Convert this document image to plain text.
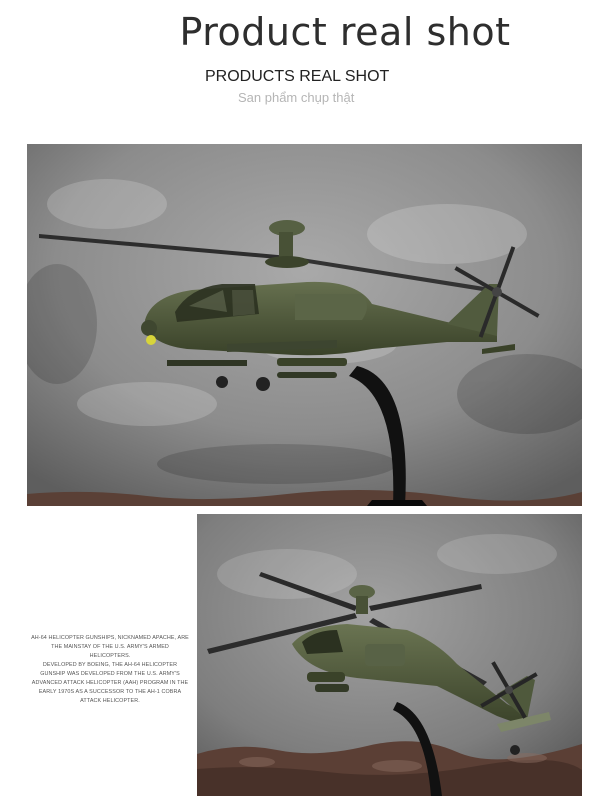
Product real shot
PRODUCTS REAL SHOT
San phẩm chụp thật

AH-64 HELICOPTER GUNSHIPS, NICKNAMED APACHE, ARE THE MAINSTAY OF THE U.S. ARMY'S ARMED HELICOPTERS.

DEVELOPED BY BOEING, THE AH-64 HELICOPTER GUNSHIP WAS DEVELOPED FROM THE U.S. ARMY'S ADVANCED ATTACK HELICOPTER (AAH) PROGRAM IN THE EARLY 1970S AS A SUCCESSOR TO THE AH-1 COBRA ATTACK HELICOPTER.
